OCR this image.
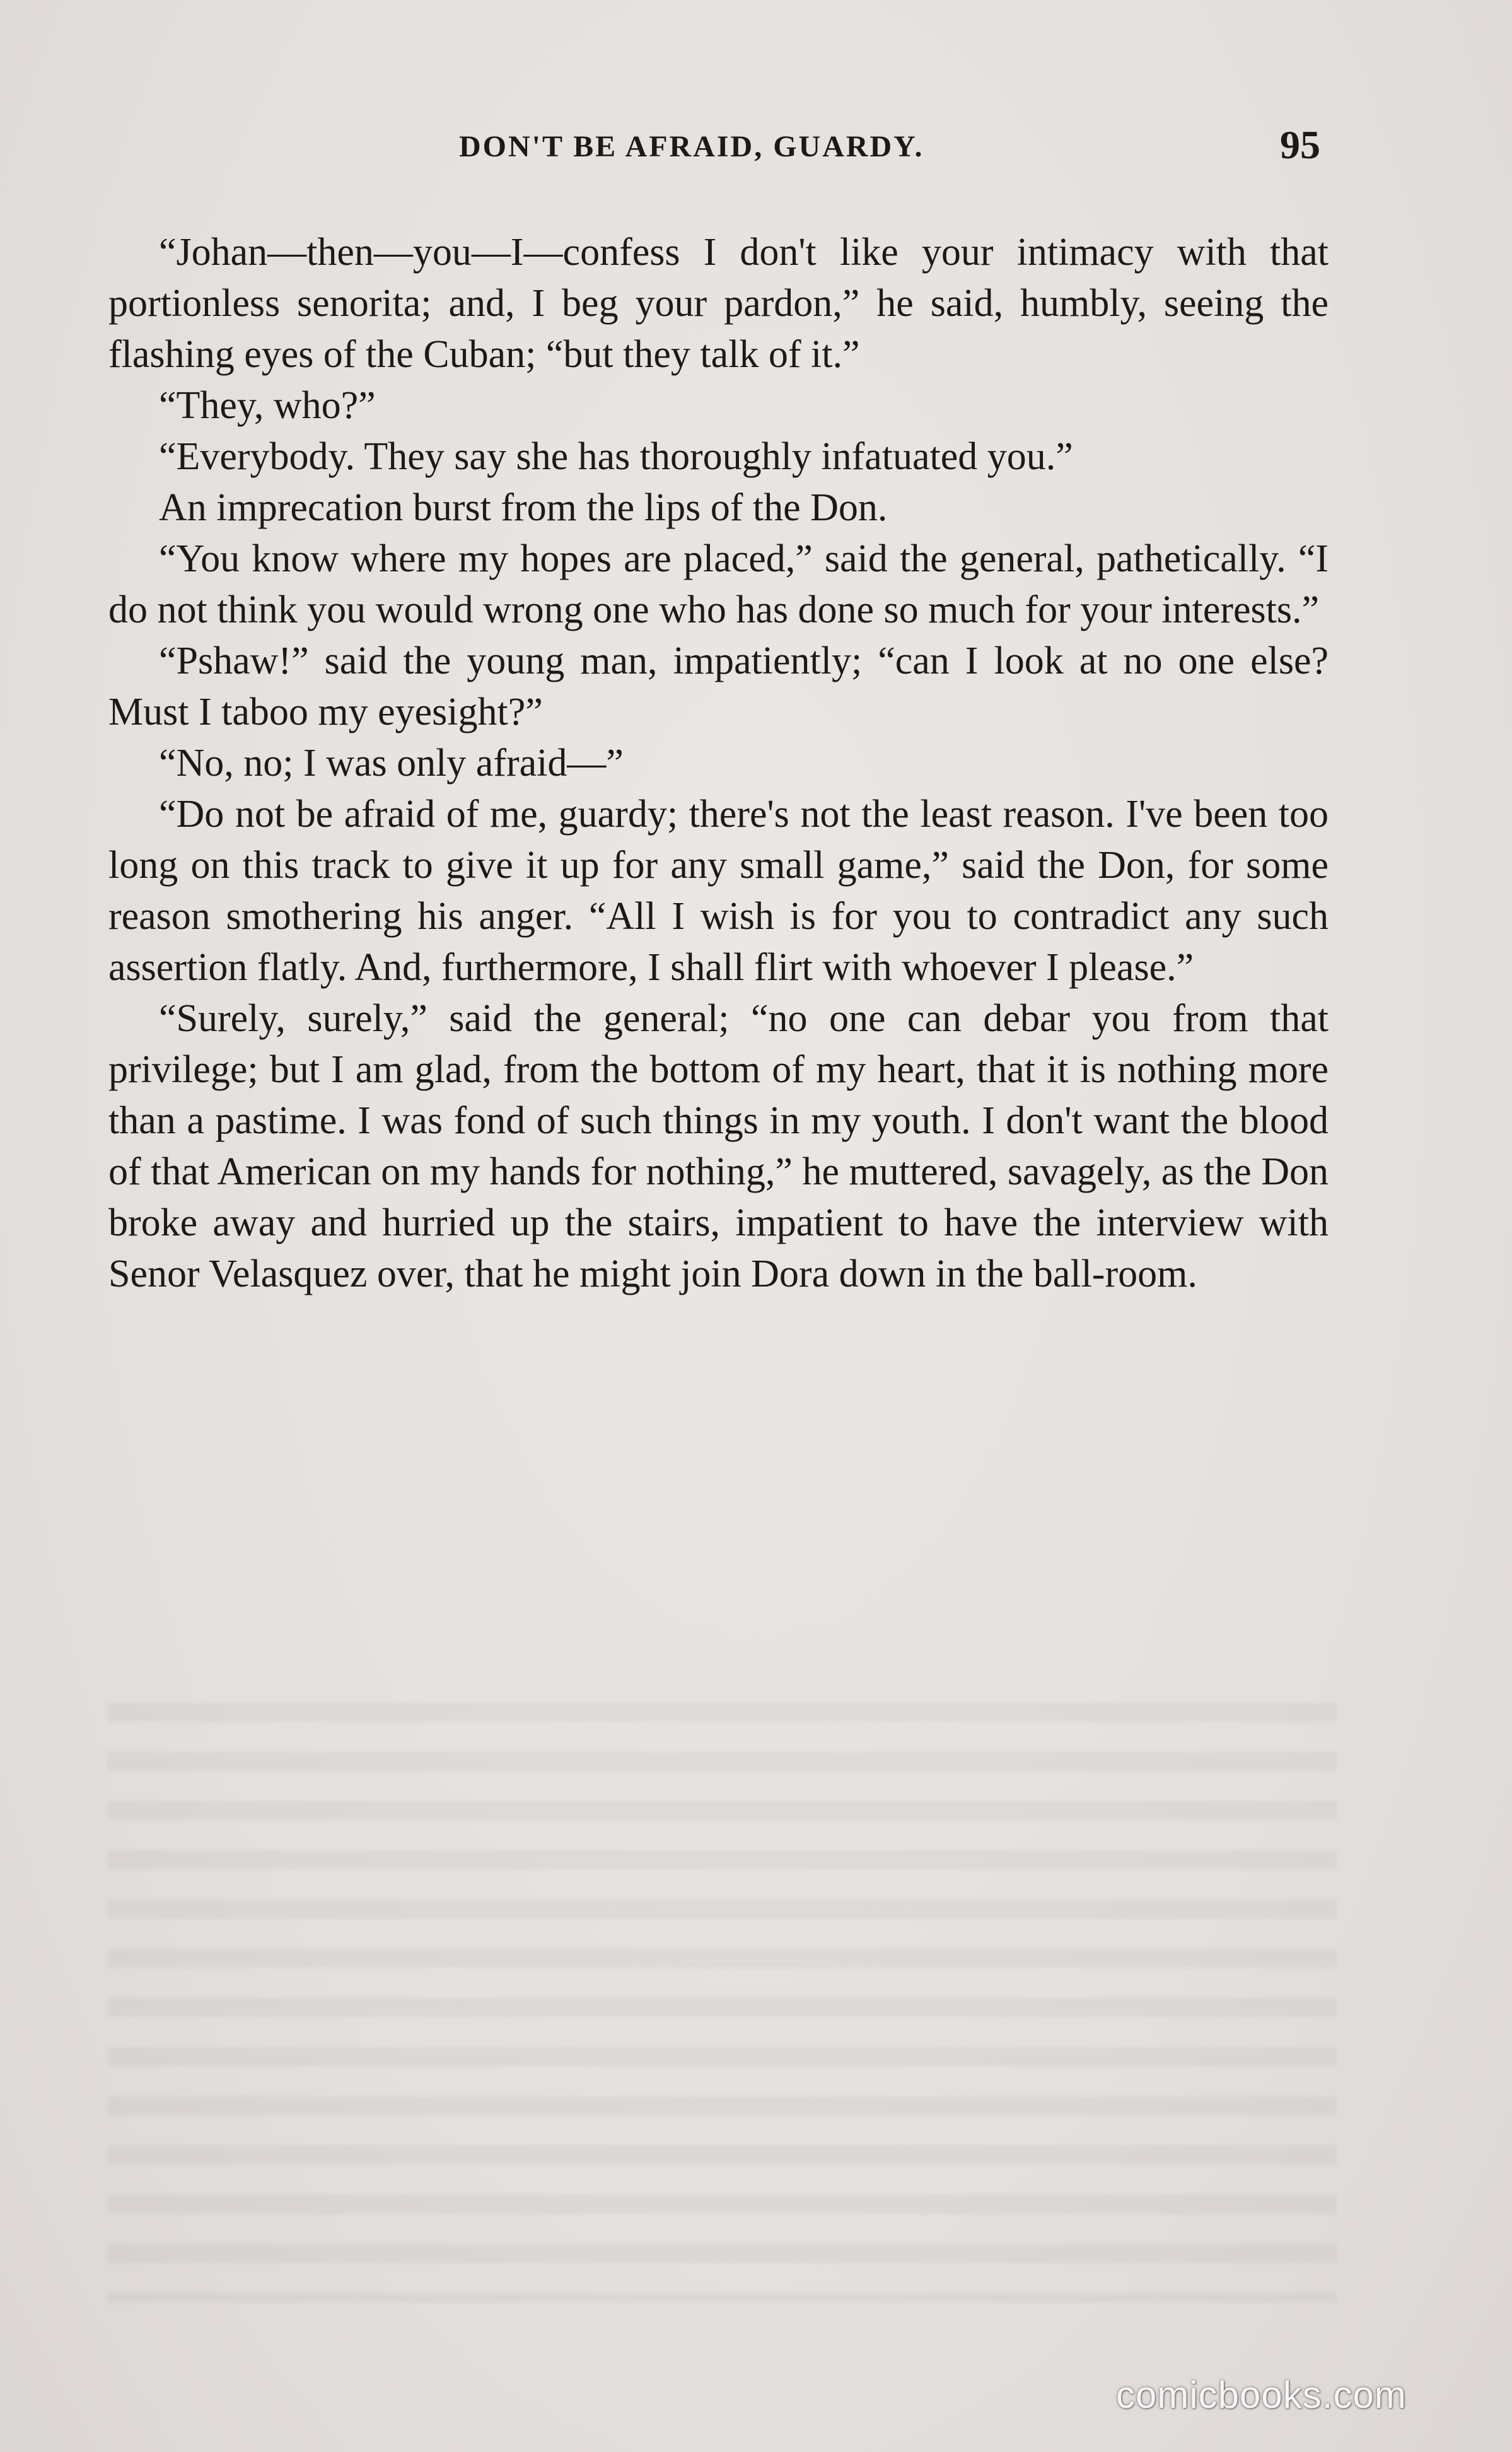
DON'T BE AFRAID, GUARDY.	95

“Johan—then—you—I—confess I don't like your intimacy with that portionless senorita; and, I beg your pardon,” he said, humbly, seeing the flashing eyes of the Cuban; “but they talk of it.”

“They, who?”

“Everybody. They say she has thoroughly infatuated you.”

An imprecation burst from the lips of the Don.

“You know where my hopes are placed,” said the general, pathetically. “I do not think you would wrong one who has done so much for your interests.”

“Pshaw!” said the young man, impatiently; “can I look at no one else? Must I taboo my eyesight?”

“No, no; I was only afraid—”

“Do not be afraid of me, guardy; there's not the least reason. I've been too long on this track to give it up for any small game,” said the Don, for some reason smothering his anger. “All I wish is for you to contradict any such assertion flatly. And, furthermore, I shall flirt with whoever I please.”

“Surely, surely,” said the general; “no one can debar you from that privilege; but I am glad, from the bottom of my heart, that it is nothing more than a pastime. I was fond of such things in my youth. I don't want the blood of that American on my hands for nothing,” he muttered, savagely, as the Don broke away and hurried up the stairs, impatient to have the interview with Senor Velasquez over, that he might join Dora down in the ball-room.

comicbooks.com
